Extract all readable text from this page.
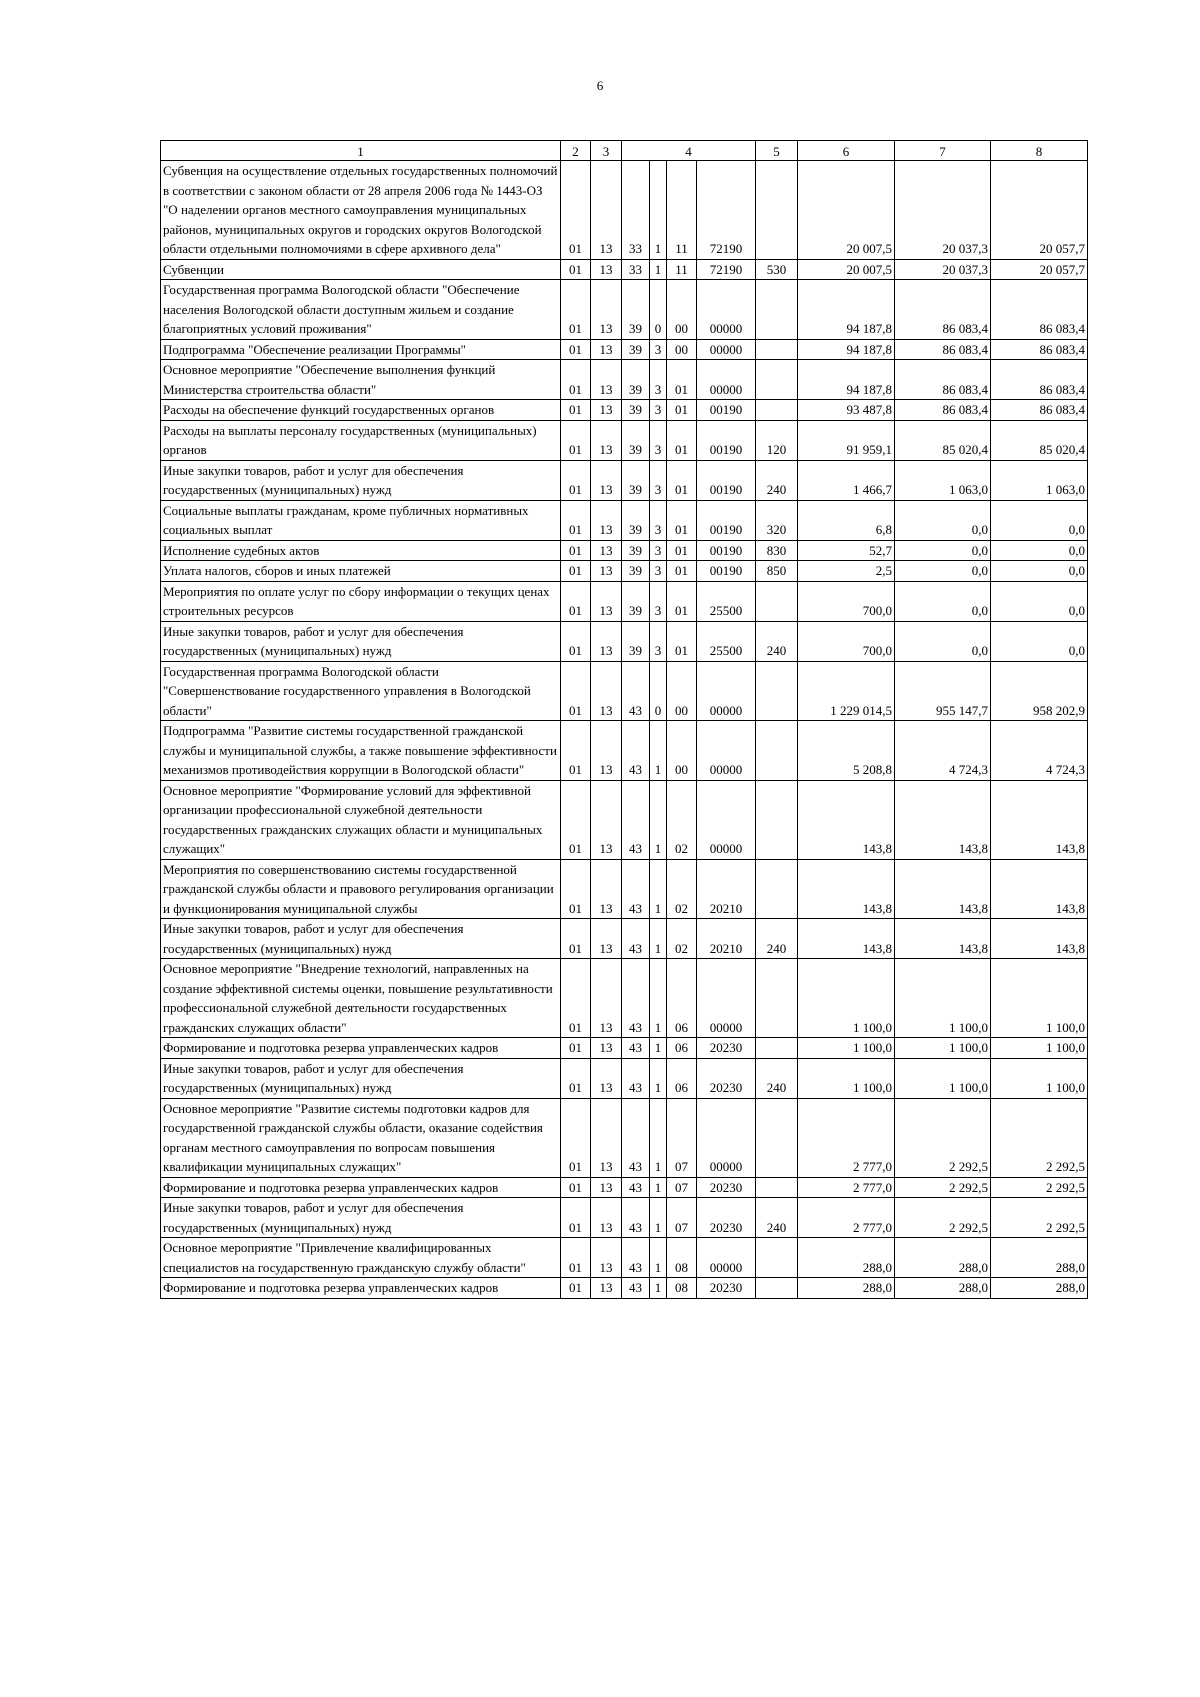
6
1	2	3	4				5	6	7	8
Субвенция на осуществление отдельных государственных полномочий в соответствии с законом области от 28 апреля 2006 года № 1443-ОЗ "О наделении органов местного самоуправления муниципальных районов, муниципальных округов и городских округов Вологодской области отдельными полномочиями в сфере архивного дела"	01	13	33	1	11	72190		20 007,5	20 037,3	20 057,7
Субвенции	01	13	33	1	11	72190	530	20 007,5	20 037,3	20 057,7
Государственная программа Вологодской области "Обеспечение населения Вологодской области доступным жильем и создание благоприятных условий проживания"	01	13	39	0	00	00000		94 187,8	86 083,4	86 083,4
Подпрограмма "Обеспечение реализации Программы"	01	13	39	3	00	00000		94 187,8	86 083,4	86 083,4
Основное мероприятие "Обеспечение выполнения функций Министерства строительства области"	01	13	39	3	01	00000		94 187,8	86 083,4	86 083,4
Расходы на обеспечение функций государственных органов	01	13	39	3	01	00190		93 487,8	86 083,4	86 083,4
Расходы на выплаты персоналу государственных (муниципальных) органов	01	13	39	3	01	00190	120	91 959,1	85 020,4	85 020,4
Иные закупки товаров, работ и услуг для обеспечения государственных (муниципальных) нужд	01	13	39	3	01	00190	240	1 466,7	1 063,0	1 063,0
Социальные выплаты гражданам, кроме публичных нормативных социальных выплат	01	13	39	3	01	00190	320	6,8	0,0	0,0
Исполнение судебных актов	01	13	39	3	01	00190	830	52,7	0,0	0,0
Уплата налогов, сборов и иных платежей	01	13	39	3	01	00190	850	2,5	0,0	0,0
Мероприятия по оплате услуг по сбору информации о текущих ценах строительных ресурсов	01	13	39	3	01	25500		700,0	0,0	0,0
Иные закупки товаров, работ и услуг для обеспечения государственных (муниципальных) нужд	01	13	39	3	01	25500	240	700,0	0,0	0,0
Государственная программа Вологодской области "Совершенствование государственного управления в Вологодской области"	01	13	43	0	00	00000		1 229 014,5	955 147,7	958 202,9
Подпрограмма "Развитие системы государственной гражданской службы и муниципальной службы, а также повышение эффективности механизмов противодействия коррупции в Вологодской области"	01	13	43	1	00	00000		5 208,8	4 724,3	4 724,3
Основное мероприятие "Формирование условий для эффективной организации профессиональной служебной деятельности государственных гражданских служащих области и муниципальных служащих"	01	13	43	1	02	00000		143,8	143,8	143,8
Мероприятия по совершенствованию системы государственной гражданской службы области и правового регулирования организации и функционирования муниципальной службы	01	13	43	1	02	20210		143,8	143,8	143,8
Иные закупки товаров, работ и услуг для обеспечения государственных (муниципальных) нужд	01	13	43	1	02	20210	240	143,8	143,8	143,8
Основное мероприятие "Внедрение технологий, направленных на создание эффективной системы оценки, повышение результативности профессиональной служебной деятельности государственных гражданских служащих области"	01	13	43	1	06	00000		1 100,0	1 100,0	1 100,0
Формирование и подготовка резерва управленческих кадров	01	13	43	1	06	20230		1 100,0	1 100,0	1 100,0
Иные закупки товаров, работ и услуг для обеспечения государственных (муниципальных) нужд	01	13	43	1	06	20230	240	1 100,0	1 100,0	1 100,0
Основное мероприятие "Развитие системы подготовки кадров для государственной гражданской службы области, оказание содействия органам местного самоуправления по вопросам повышения квалификации муниципальных служащих"	01	13	43	1	07	00000		2 777,0	2 292,5	2 292,5
Формирование и подготовка резерва управленческих кадров	01	13	43	1	07	20230		2 777,0	2 292,5	2 292,5
Иные закупки товаров, работ и услуг для обеспечения государственных (муниципальных) нужд	01	13	43	1	07	20230	240	2 777,0	2 292,5	2 292,5
Основное мероприятие "Привлечение квалифицированных специалистов на государственную гражданскую службу области"	01	13	43	1	08	00000		288,0	288,0	288,0
Формирование и подготовка резерва управленческих кадров	01	13	43	1	08	20230		288,0	288,0	288,0
